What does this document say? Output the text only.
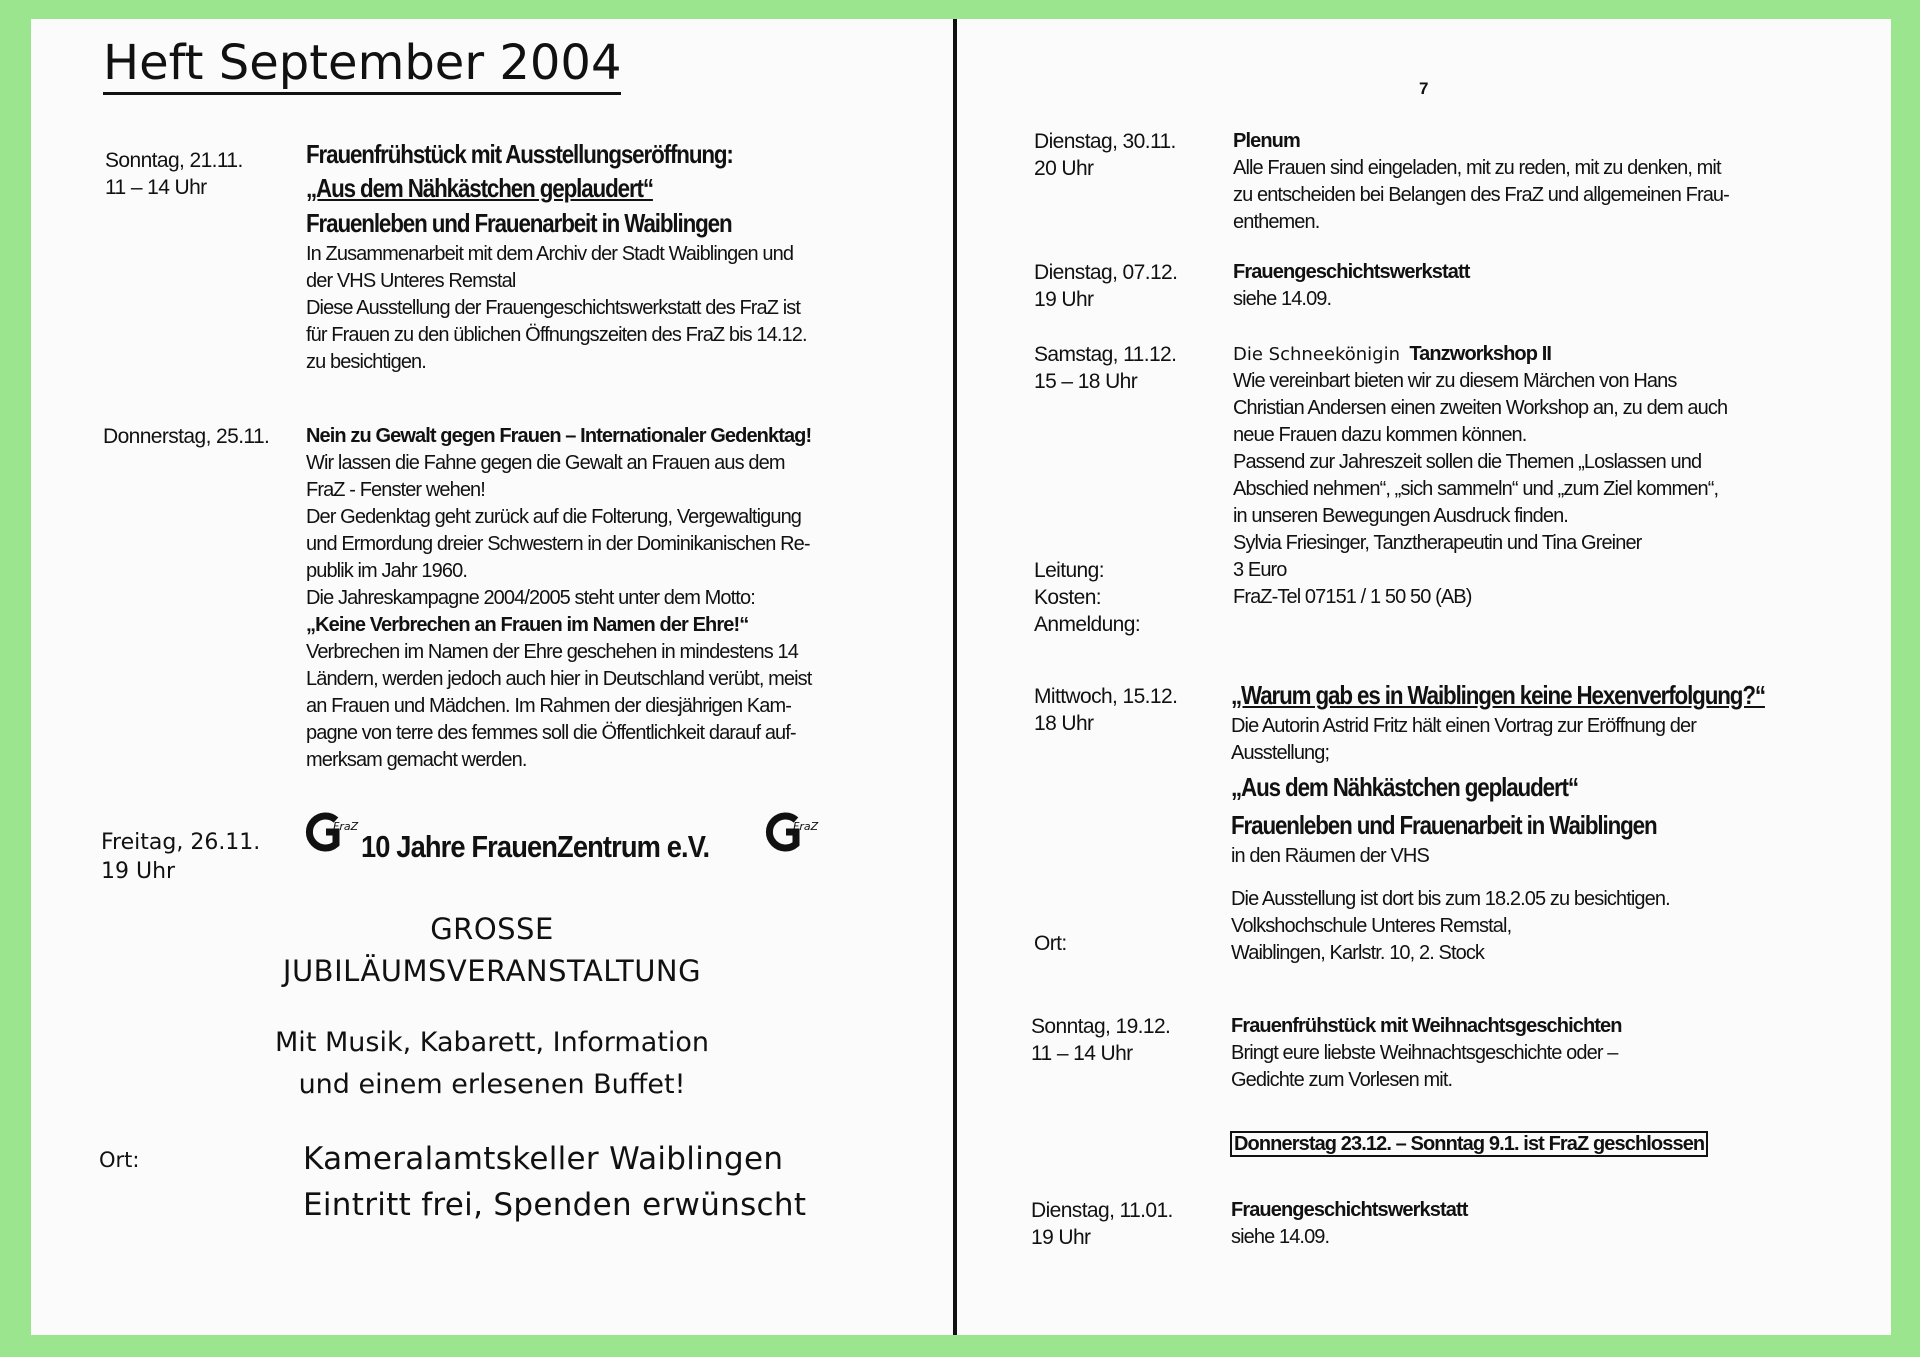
Heft September 2004	7
Sonntag, 21.11.
11 – 14 Uhr
Frauenfrühstück mit Ausstellungseröffnung:
„Aus dem Nähkästchen geplaudert“
Frauenleben und Frauenarbeit in Waiblingen
In Zusammenarbeit mit dem Archiv der Stadt Waiblingen und
der VHS Unteres Remstal
Diese Ausstellung der Frauengeschichtswerkstatt des FraZ ist
für Frauen zu den üblichen Öffnungszeiten des FraZ bis 14.12.
zu besichtigen.
Donnerstag, 25.11. Nein zu Gewalt gegen Frauen – Internationaler Gedenktag!
Wir lassen die Fahne gegen die Gewalt an Frauen aus dem
FraZ - Fenster wehen!
Der Gedenktag geht zurück auf die Folterung, Vergewaltigung
und Ermordung dreier Schwestern in der Dominikanischen Re-
publik im Jahr 1960.
Die Jahreskampagne 2004/2005 steht unter dem Motto:
„Keine Verbrechen an Frauen im Namen der Ehre!“
Verbrechen im Namen der Ehre geschehen in mindestens 14
Ländern, werden jedoch auch hier in Deutschland verübt, meist
an Frauen und Mädchen. Im Rahmen der diesjährigen Kam-
pagne von terre des femmes soll die Öffentlichkeit darauf auf-
merksam gemacht werden.
Freitag, 26.11.
19 Uhr
FraZ
10 Jahre FrauenZentrum e.V.
FraZ
GROSSE
JUBILÄUMSVERANSTALTUNG
Mit Musik, Kabarett, Information
und einem erlesenen Buffet!
Ort:	Kameralamtskeller Waiblingen
Eintritt frei, Spenden erwünscht
Dienstag, 30.11.
20 Uhr
Plenum
Alle Frauen sind eingeladen, mit zu reden, mit zu denken, mit
zu entscheiden bei Belangen des FraZ und allgemeinen Frau-
enthemen.
Dienstag, 07.12.
19 Uhr
Frauengeschichtswerkstatt
siehe 14.09.
Samstag, 11.12.
15 – 18 Uhr
Die Schneekönigin Tanzworkshop II
Wie vereinbart bieten wir zu diesem Märchen von Hans
Christian Andersen einen zweiten Workshop an, zu dem auch
neue Frauen dazu kommen können.
Passend zur Jahreszeit sollen die Themen „Loslassen und
Abschied nehmen“, „sich sammeln“ und „zum Ziel kommen“,
in unseren Bewegungen Ausdruck finden.
Sylvia Friesinger, Tanztherapeutin und Tina Greiner
3 Euro
FraZ-Tel 07151 / 1 50 50 (AB)
Leitung:
Kosten:
Anmeldung:
Mittwoch, 15.12.
18 Uhr
„Warum gab es in Waiblingen keine Hexenverfolgung?“
Die Autorin Astrid Fritz hält einen Vortrag zur Eröffnung der
Ausstellung;
„Aus dem Nähkästchen geplaudert“
Frauenleben und Frauenarbeit in Waiblingen
in den Räumen der VHS
Die Ausstellung ist dort bis zum 18.2.05 zu besichtigen.
Volkshochschule Unteres Remstal,
Waiblingen, Karlstr. 10, 2. Stock
Ort:
Sonntag, 19.12.
11 – 14 Uhr
Frauenfrühstück mit Weihnachtsgeschichten
Bringt eure liebste Weihnachtsgeschichte oder –
Gedichte zum Vorlesen mit.
Donnerstag 23.12. – Sonntag 9.1. ist FraZ geschlossen
Dienstag, 11.01.
19 Uhr
Frauengeschichtswerkstatt
siehe 14.09.
